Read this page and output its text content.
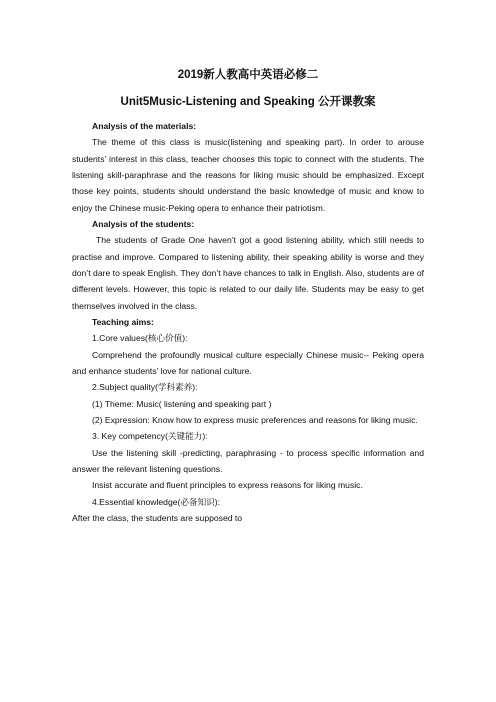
2019新人教高中英语必修二
Unit5Music-Listening and Speaking 公开课教案

Analysis of the materials:

The theme of this class is music(listening and speaking part). In order to arouse students’ interest in this class, teacher chooses this topic to connect with the students. The listening skill-paraphrase and the reasons for liking music should be emphasized. Except those key points, students should understand the basic knowledge of music and know to enjoy the Chinese music-Peking opera to enhance their patriotism.

Analysis of the students:

The students of Grade One haven’t got a good listening ability, which still needs to practise and improve. Compared to listening ability, their speaking ability is worse and they don’t dare to speak English. They don’t have chances to talk in English. Also, students are of different levels. However, this topic is related to our daily life. Students may be easy to get themselves involved in the class.

Teaching aims:

1.Core values(核心价值):

Comprehend the profoundly musical culture especially Chinese music-- Peking opera and enhance students’ love for national culture.

2.Subject quality(学科素养):

(1) Theme: Music( listening and speaking part )

(2) Expression: Know how to express music preferences and reasons for liking music.

3. Key competency(关键能力):

Use the listening skill -predicting, paraphrasing - to process specific information and answer the relevant listening questions.

Insist accurate and fluent principles to express reasons for liking music.

4.Essential knowledge(必备知识):

After the class, the students are supposed to
